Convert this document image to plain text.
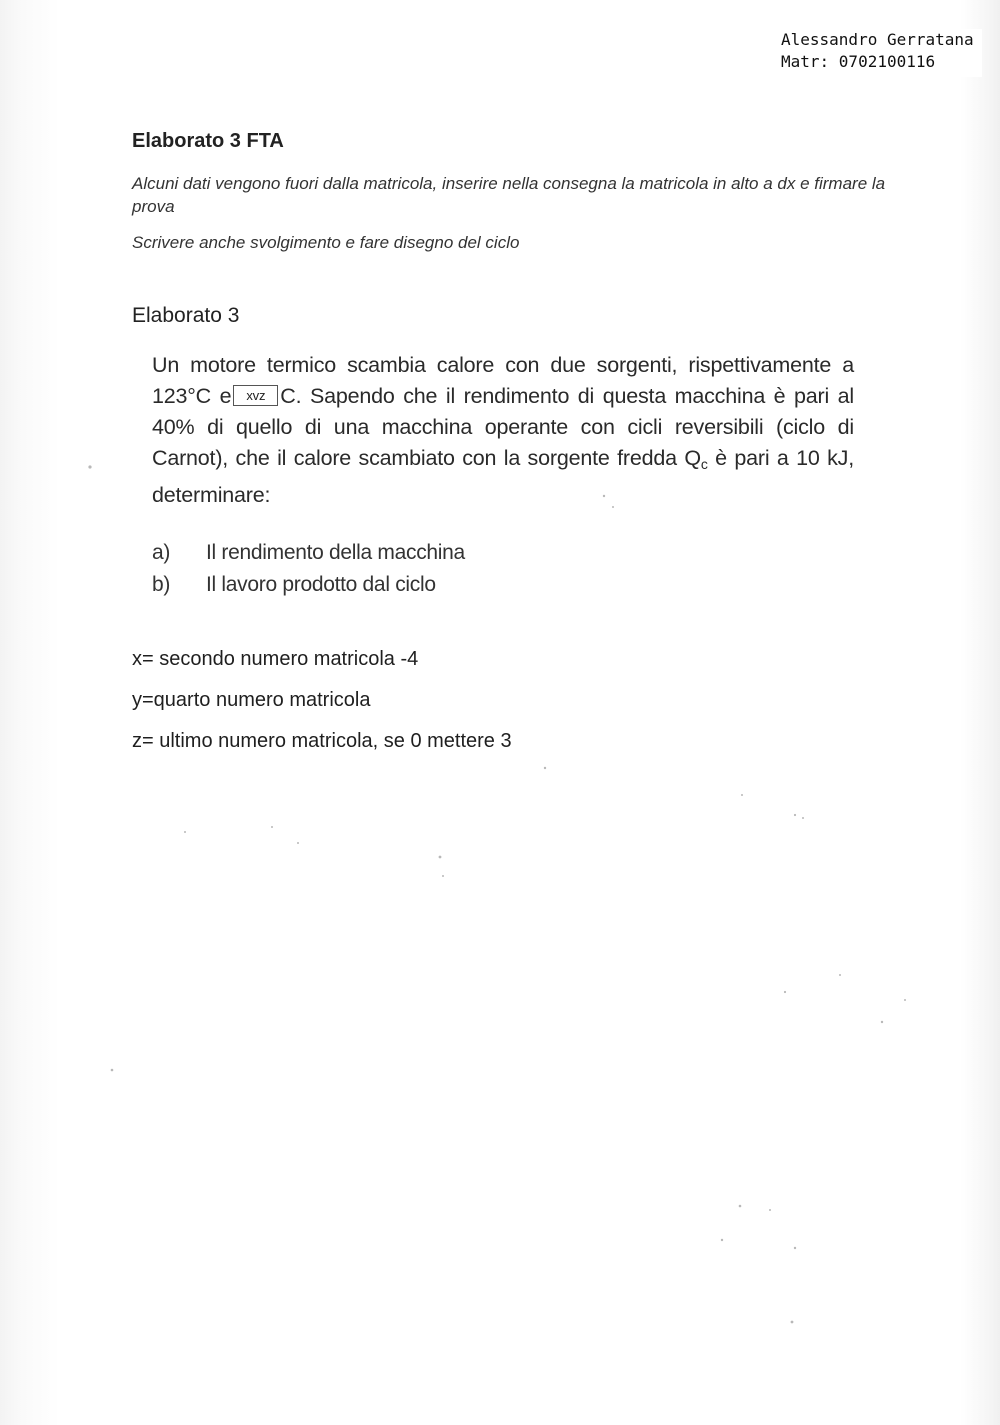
Alessandro Gerratana
Matr: 0702100116
Elaborato 3 FTA
Alcuni dati vengono fuori dalla matricola, inserire nella consegna la matricola in alto a dx e firmare la prova
Scrivere anche svolgimento e fare disegno del ciclo
Elaborato 3
Un motore termico scambia calore con due sorgenti, rispettivamente a
123°C e xvz C. Sapendo che il rendimento di questa macchina è pari al
40% di quello di una macchina operante con cicli reversibili (ciclo di
Carnot), che il calore scambiato con la sorgente fredda $Q_c$ è pari a 10 kJ,
determinare:
a) Il rendimento della macchina
b) Il lavoro prodotto dal ciclo
x= secondo numero matricola -4
y=quarto numero matricola
z= ultimo numero matricola, se 0 mettere 3
